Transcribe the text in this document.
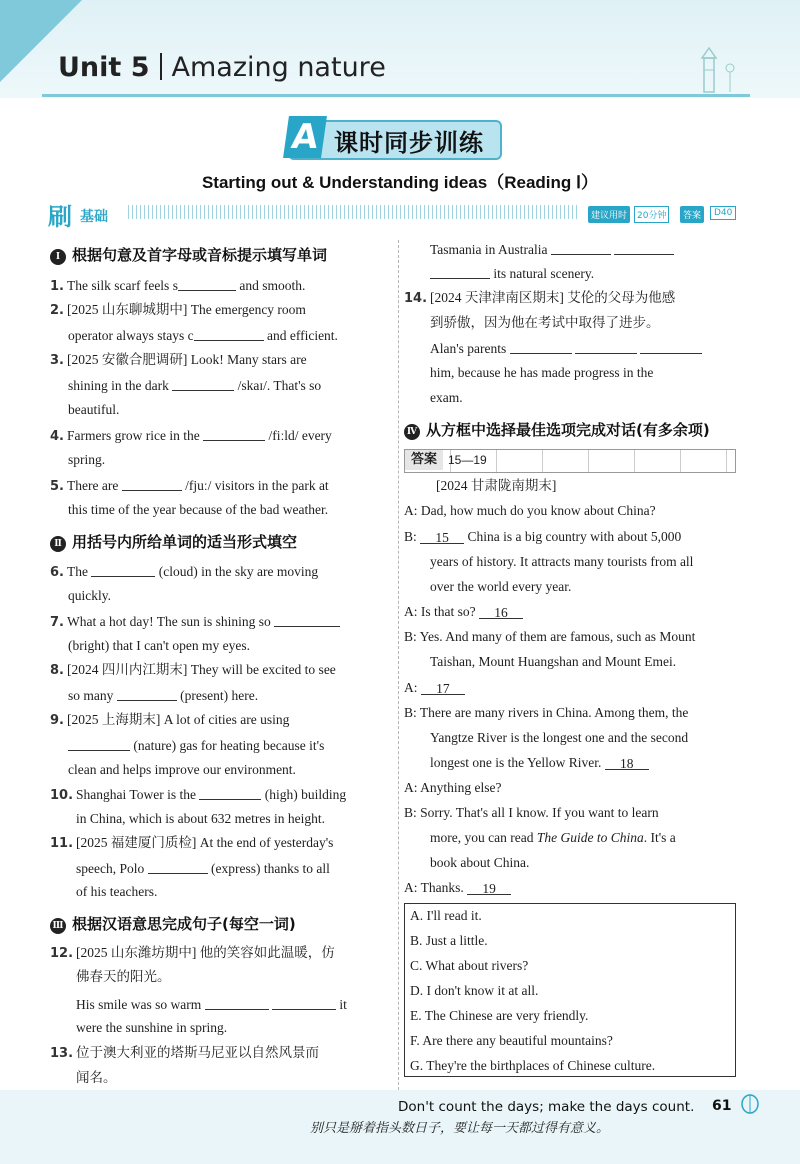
Unit 5 Amazing nature
A 课时同步训练
Starting out & Understanding ideas（Reading Ⅰ）
刷 基础	建议用时	20分钟	答案	D40
Ⅰ 根据句意及首字母或音标提示填写单词
1. The silk scarf feels s	and smooth.
2. [2025 山东聊城期中] The emergency room
operator always stays c	and efficient.
3. [2025 安徽合肥调研] Look! Many stars are
shining in the dark	/skaɪ/. That's so
beautiful.
4. Farmers grow rice in the	/fiːld/ every
spring.
5. There are	/fjuː/ visitors in the park at
this time of the year because of the bad weather.
Ⅱ 用括号内所给单词的适当形式填空
6. The	(cloud) in the sky are moving
quickly.
7. What a hot day! The sun is shining so
(bright) that I can't open my eyes.
8. [2024 四川内江期末] They will be excited to see
so many	(present) here.
9. [2025 上海期末] A lot of cities are using
(nature) gas for heating because it's
clean and helps improve our environment.
10. Shanghai Tower is the	(high) building
in China, which is about 632 metres in height.
11. [2025 福建厦门质检] At the end of yesterday's
speech, Polo	(express) thanks to all
of his teachers.
Ⅲ 根据汉语意思完成句子(每空一词)
12. [2025 山东潍坊期中] 他的笑容如此温暖，仿
佛春天的阳光。
His smile was so warm	it
were the sunshine in spring.
13. 位于澳大利亚的塔斯马尼亚以自然风景而
闻名。
Tasmania in Australia
its natural scenery.
14. [2024 天津津南区期末] 艾伦的父母为他感
到骄傲，因为他在考试中取得了进步。
Alan's parents
him, because he has made progress in the
exam.
Ⅳ 从方框中选择最佳选项完成对话(有多余项)
答案 15—19
[2024 甘肃陇南期末]
A: Dad, how much do you know about China?
B: 15 China is a big country with about 5,000
years of history. It attracts many tourists from all
over the world every year.
A: Is that so? 16
B: Yes. And many of them are famous, such as Mount
Taishan, Mount Huangshan and Mount Emei.
A: 17
B: There are many rivers in China. Among them, the
Yangtze River is the longest one and the second
longest one is the Yellow River. 18
A: Anything else?
B: Sorry. That's all I know. If you want to learn
more, you can read The Guide to China. It's a
book about China.
A: Thanks. 19
A. I'll read it.
B. Just a little.
C. What about rivers?
D. I don't know it at all.
E. The Chinese are very friendly.
F. Are there any beautiful mountains?
G. They're the birthplaces of Chinese culture.
Don't count the days; make the days count.
别只是掰着指头数日子，要让每一天都过得有意义。
61
